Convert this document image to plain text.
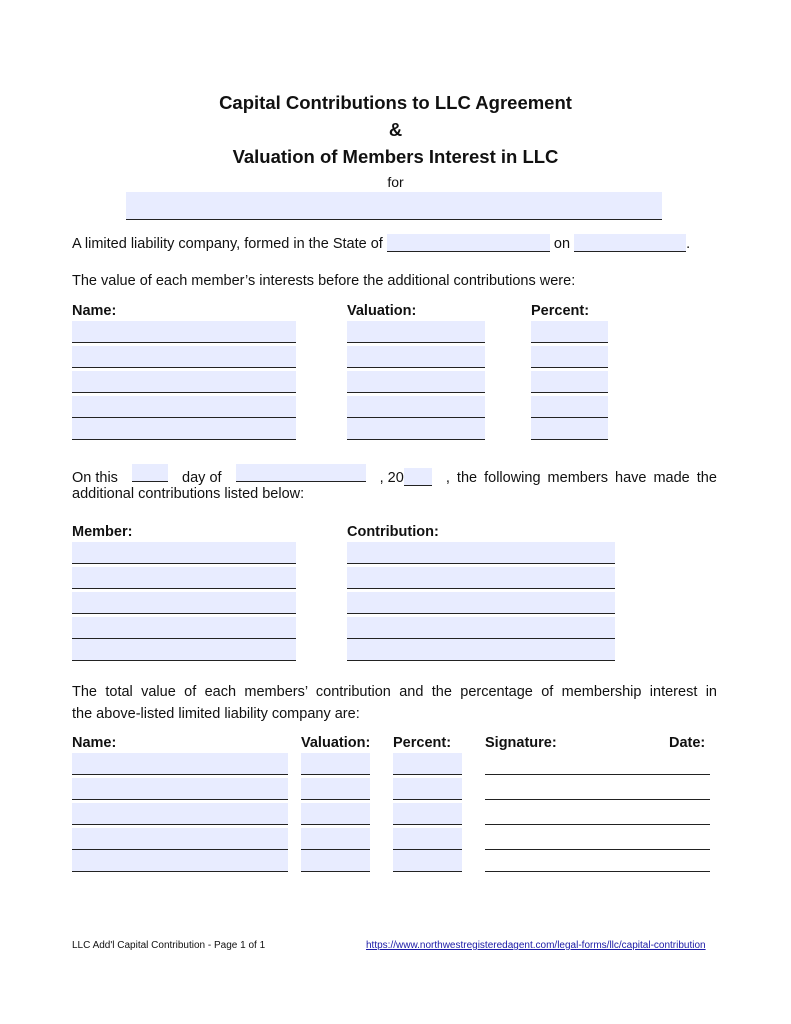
Capital Contributions to LLC Agreement
&
Valuation of Members Interest in LLC
for
A limited liability company, formed in the State of	on	.
The value of each member’s interests before the additional contributions were:
Name:	Valuation:	Percent:
On this	day of	, 20	, the following members have made the
additional contributions listed below:
Member:	Contribution:
The total value of each members’ contribution and the percentage of membership interest in
the above-listed limited liability company are:
Name:	Valuation: Percent: Signature:	Date:
LLC Add'l Capital Contribution - Page 1 of 1	https://www.northwestregisteredagent.com/legal-forms/llc/capital-contribution
